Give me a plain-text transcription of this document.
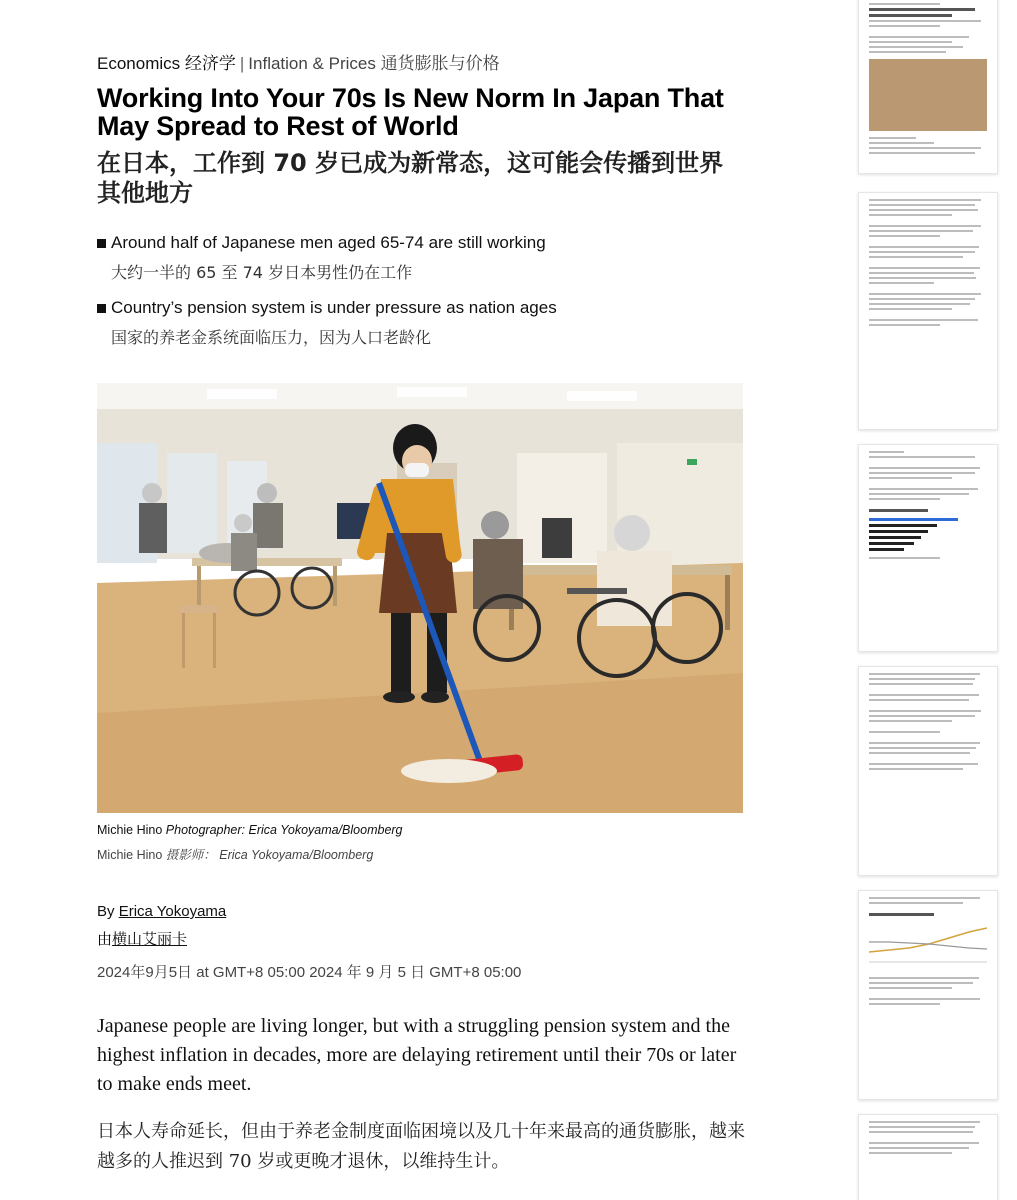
Economics 经济学 | Inflation & Prices 通货膨胀与价格
Working Into Your 70s Is New Norm In Japan That May Spread to Rest of World
在日本，工作到 70 岁已成为新常态，这可能会传播到世界其他地方
Around half of Japanese men aged 65-74 are still working
大约一半的 65 至 74 岁日本男性仍在工作
Country’s pension system is under pressure as nation ages
国家的养老金系统面临压力，因为人口老龄化
Michie Hino Photographer: Erica Yokoyama/Bloomberg
Michie Hino 摄影师： Erica Yokoyama/Bloomberg
By Erica Yokoyama
由横山艾丽卡
2024年9月5日 at GMT+8 05:00 2024 年 9 月 5 日 GMT+8 05:00

Japanese people are living longer, but with a struggling pension system and the highest inflation in decades, more are delaying retirement until their 70s or later to make ends meet.

日本人寿命延长，但由于养老金制度面临困境以及几十年来最高的通货膨胀，越来越多的人推迟到 70 岁或更晚才退休，以维持生计。
